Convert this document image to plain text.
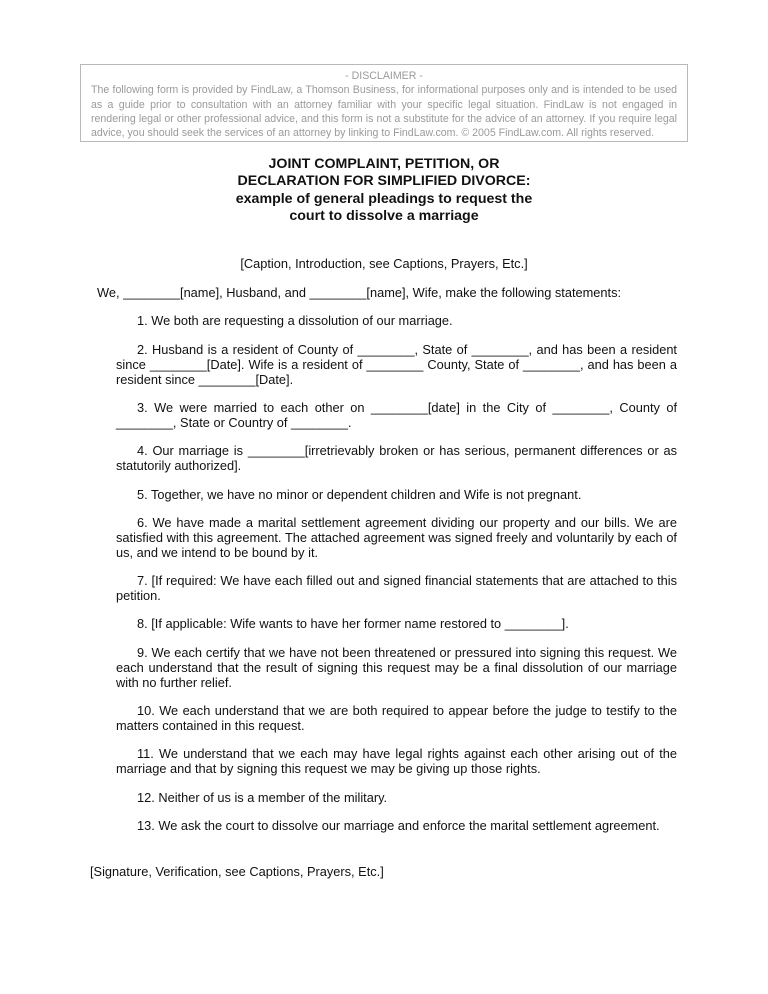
- DISCLAIMER -
The following form is provided by FindLaw, a Thomson Business, for informational purposes only and is intended to be used as a guide prior to consultation with an attorney familiar with your specific legal situation. FindLaw is not engaged in rendering legal or other professional advice, and this form is not a substitute for the advice of an attorney. If you require legal advice, you should seek the services of an attorney by linking to FindLaw.com. © 2005 FindLaw.com. All rights reserved.
JOINT COMPLAINT, PETITION, OR
DECLARATION FOR SIMPLIFIED DIVORCE:
example of general pleadings to request the
court to dissolve a marriage
[Caption, Introduction, see Captions, Prayers, Etc.]
We, ________[name], Husband, and ________[name], Wife, make the following statements:
1. We both are requesting a dissolution of our marriage.
2. Husband is a resident of County of ________, State of ________, and has been a resident since ________[Date]. Wife is a resident of ________ County, State of ________, and has been a resident since ________[Date].
3. We were married to each other on ________[date] in the City of ________, County of ________, State or Country of ________.
4. Our marriage is ________[irretrievably broken or has serious, permanent differences or as statutorily authorized].
5. Together, we have no minor or dependent children and Wife is not pregnant.
6. We have made a marital settlement agreement dividing our property and our bills. We are satisfied with this agreement. The attached agreement was signed freely and voluntarily by each of us, and we intend to be bound by it.
7. [If required: We have each filled out and signed financial statements that are attached to this petition.
8. [If applicable: Wife wants to have her former name restored to ________].
9. We each certify that we have not been threatened or pressured into signing this request. We each understand that the result of signing this request may be a final dissolution of our marriage with no further relief.
10. We each understand that we are both required to appear before the judge to testify to the matters contained in this request.
11. We understand that we each may have legal rights against each other arising out of the marriage and that by signing this request we may be giving up those rights.
12. Neither of us is a member of the military.
13. We ask the court to dissolve our marriage and enforce the marital settlement agreement.
[Signature, Verification, see Captions, Prayers, Etc.]
